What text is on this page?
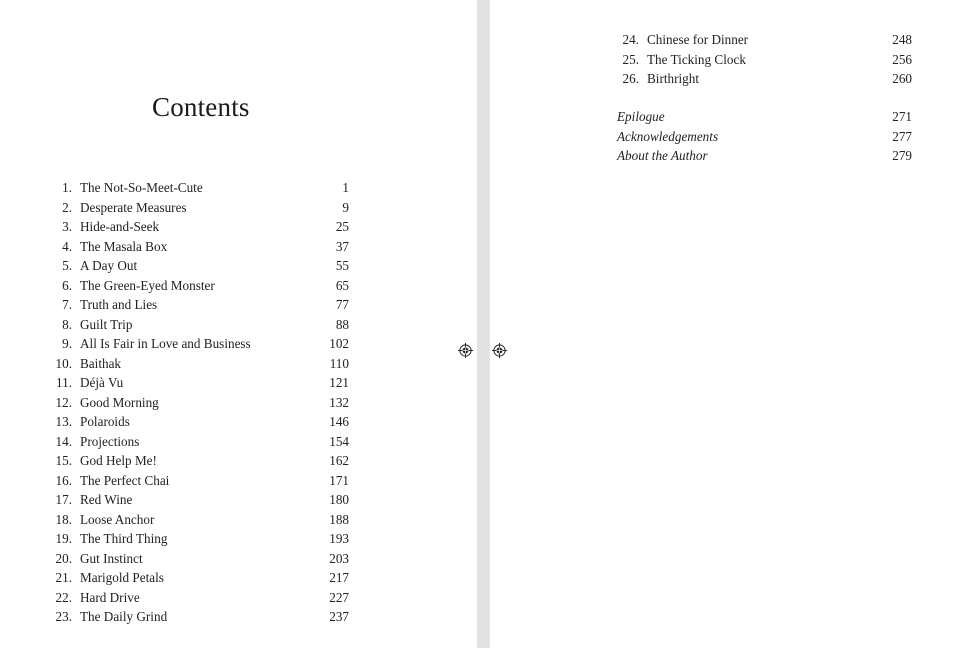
Contents
1. The Not-So-Meet-Cute	1
2. Desperate Measures	9
3. Hide-and-Seek	25
4. The Masala Box	37
5. A Day Out	55
6. The Green-Eyed Monster	65
7. Truth and Lies	77
8. Guilt Trip	88
9. All Is Fair in Love and Business	102
10. Baithak	110
11. Déjà Vu	121
12. Good Morning	132
13. Polaroids	146
14. Projections	154
15. God Help Me!	162
16. The Perfect Chai	171
17. Red Wine	180
18. Loose Anchor	188
19. The Third Thing	193
20. Gut Instinct	203
21. Marigold Petals	217
22. Hard Drive	227
23. The Daily Grind	237
24. Chinese for Dinner	248
25. The Ticking Clock	256
26. Birthright	260
Epilogue	271
Acknowledgements	277
About the Author	279
